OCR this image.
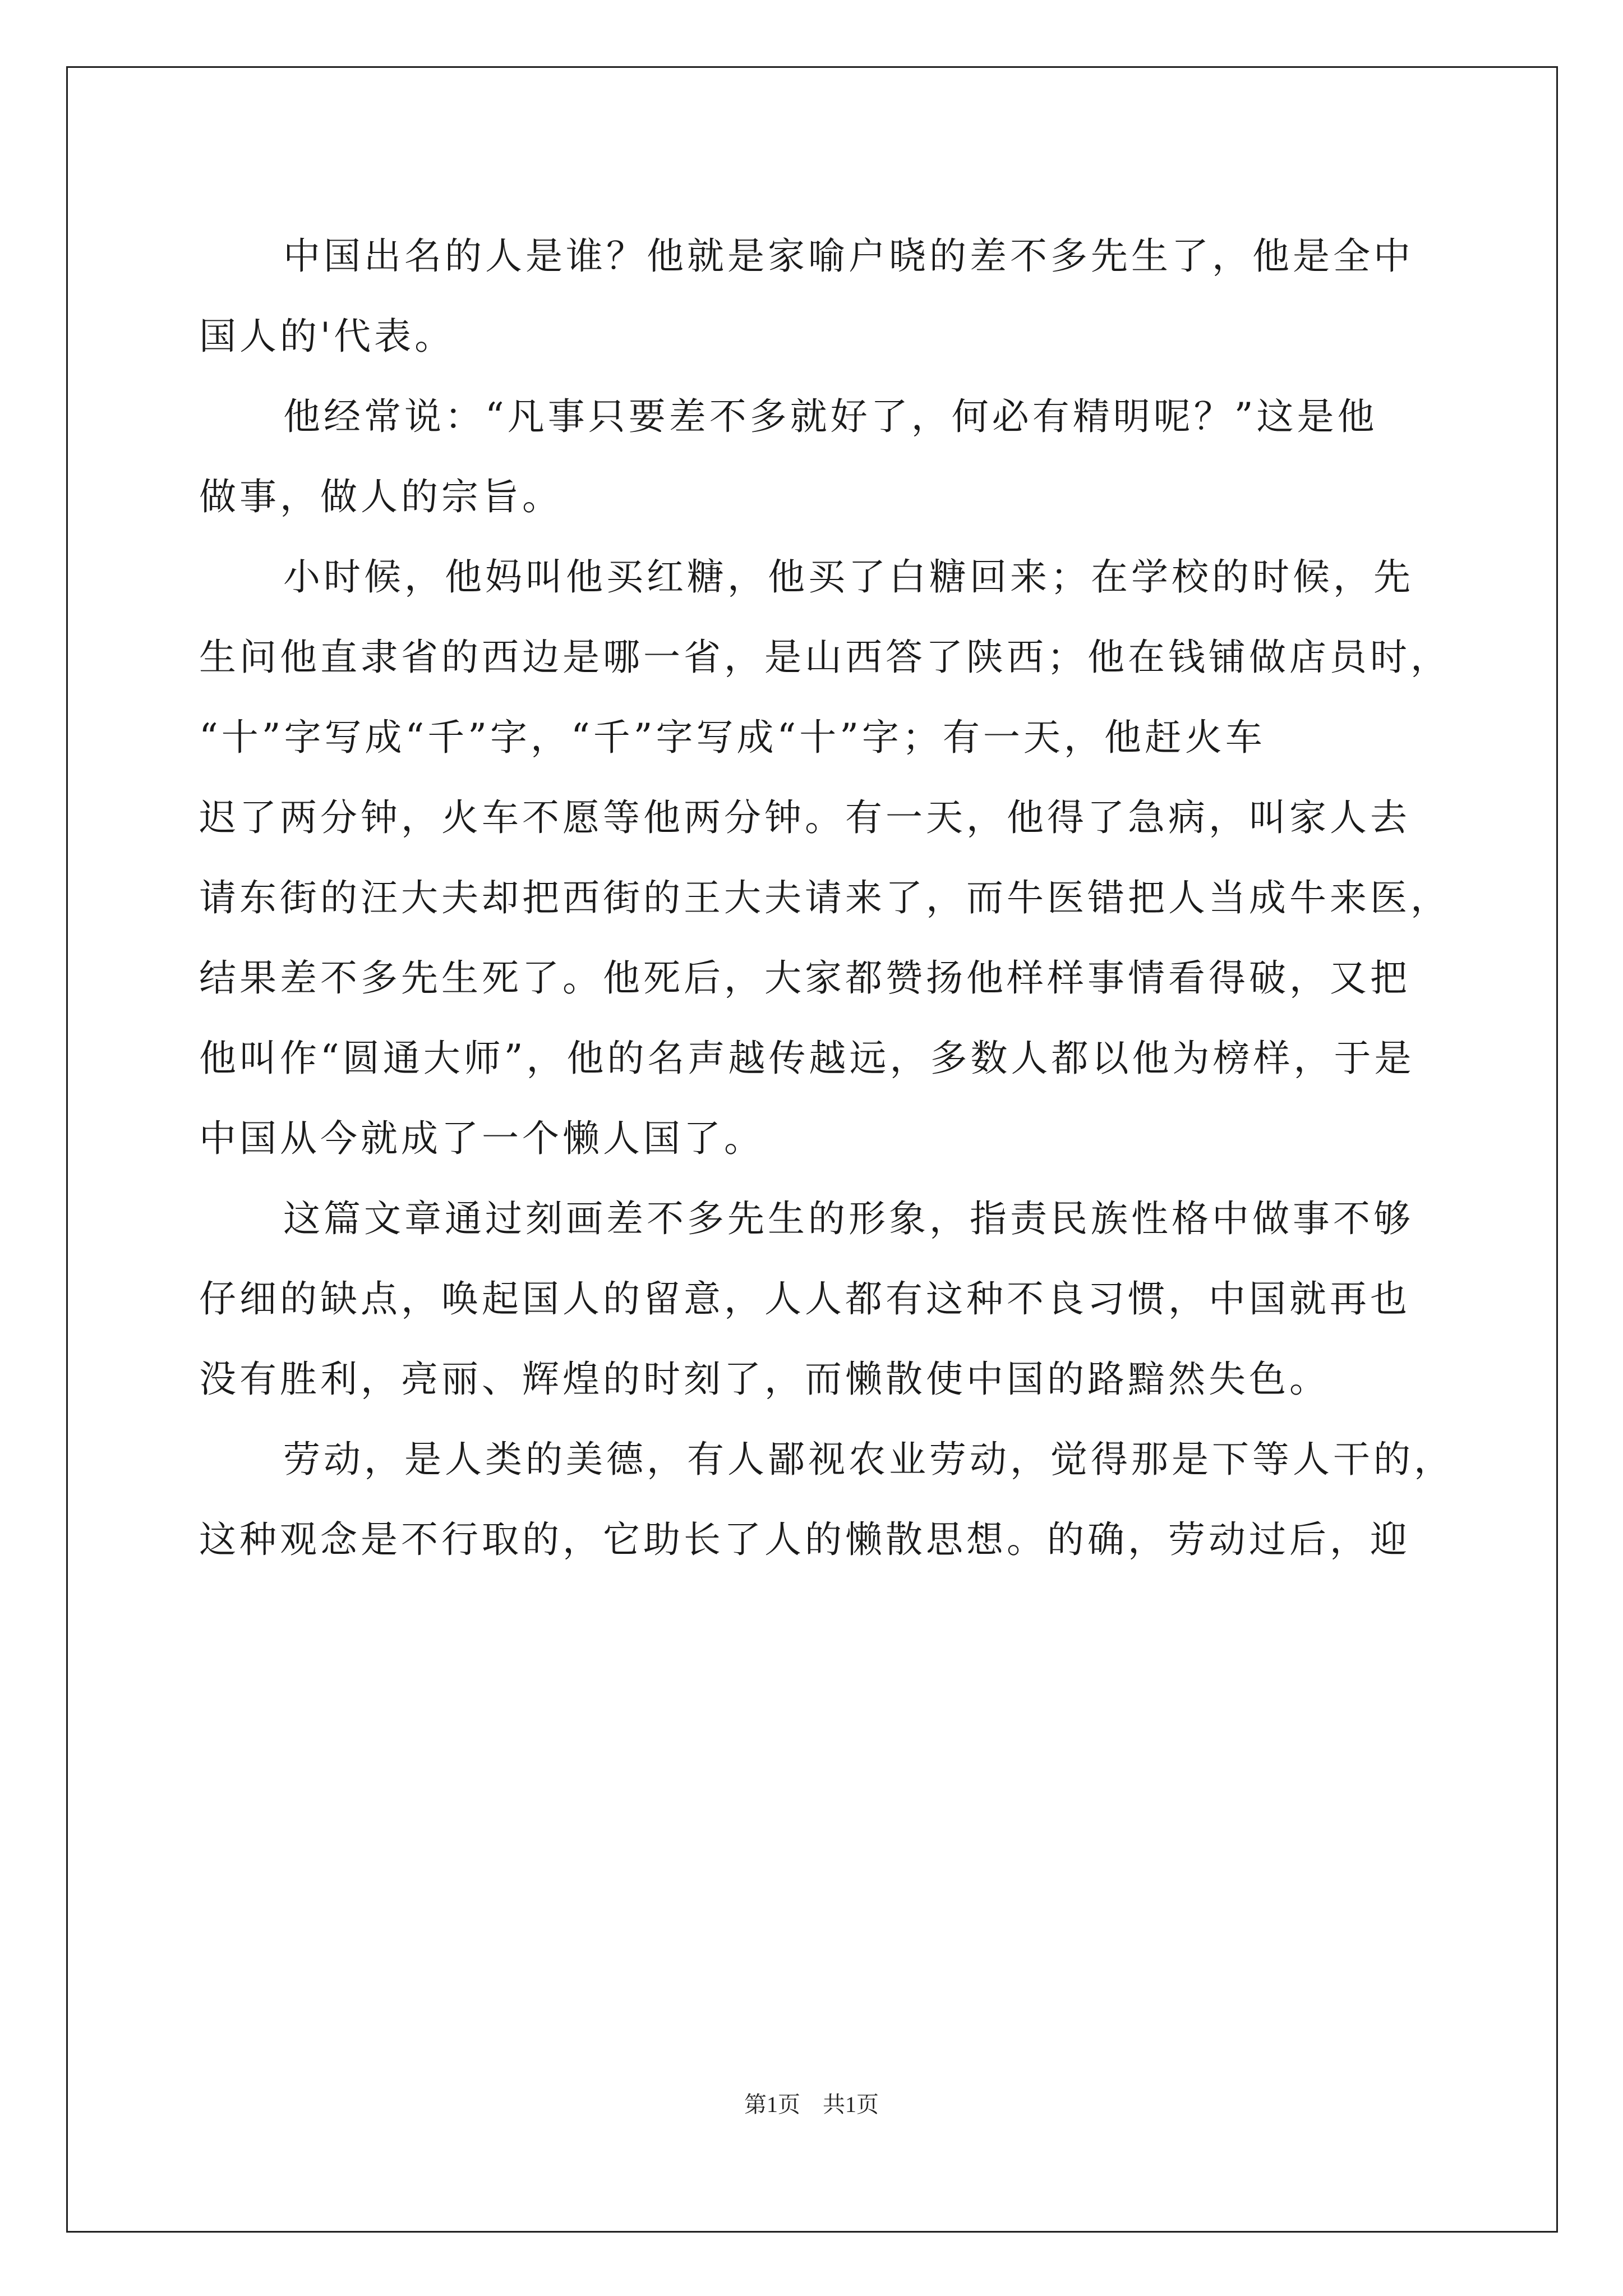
中国出名的人是谁？他就是家喻户晓的差不多先生了，他是全中
国人的'代表。
他经常说：“凡事只要差不多就好了，何必有精明呢？”这是他
做事，做人的宗旨。
小时候，他妈叫他买红糖，他买了白糖回来；在学校的时候，先
生问他直隶省的西边是哪一省，是山西答了陕西；他在钱铺做店员时，
“十”字写成“千”字，“千”字写成“十”字；有一天，他赶火车
迟了两分钟，火车不愿等他两分钟。有一天，他得了急病，叫家人去
请东街的汪大夫却把西街的王大夫请来了，而牛医错把人当成牛来医，
结果差不多先生死了。他死后，大家都赞扬他样样事情看得破，又把
他叫作“圆通大师”，他的名声越传越远，多数人都以他为榜样，于是
中国从今就成了一个懒人国了。
这篇文章通过刻画差不多先生的形象，指责民族性格中做事不够
仔细的缺点，唤起国人的留意，人人都有这种不良习惯，中国就再也
没有胜利，亮丽、辉煌的时刻了，而懒散使中国的路黯然失色。
劳动，是人类的美德，有人鄙视农业劳动，觉得那是下等人干的，
这种观念是不行取的，它助长了人的懒散思想。的确，劳动过后，迎
第1页　共1页
